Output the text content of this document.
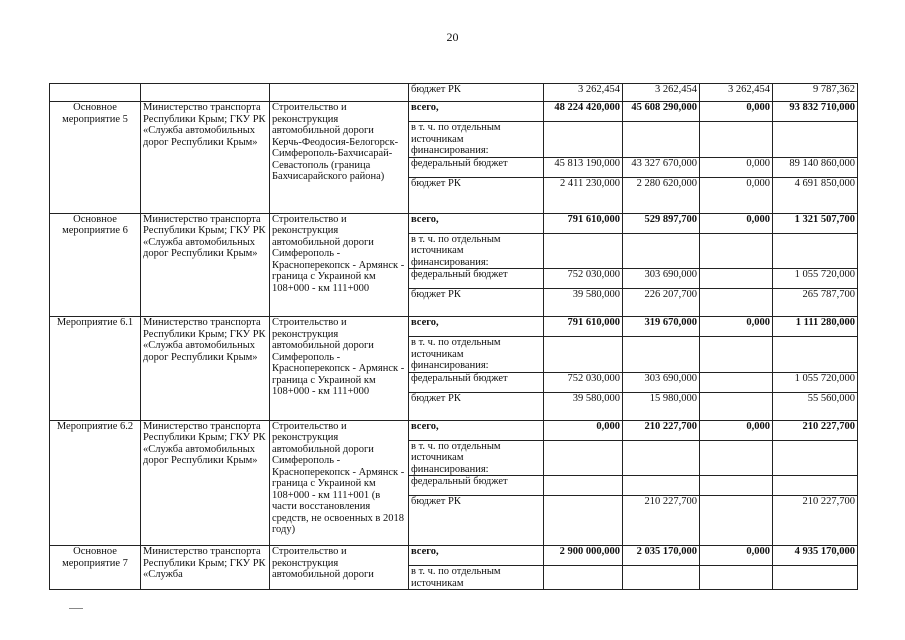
20
			бюджет РК	3 262,454	3 262,454	3 262,454	9 787,362
Основное мероприятие 5	Министерство транспорта Республики Крым; ГКУ РК «Служба автомобильных дорог Республики Крым»	Строительство и реконструкция автомобильной дороги Керчь-Феодосия-Белогорск-Симферополь-Бахчисарай-Севастополь (граница Бахчисарайского района)	всего,	48 224 420,000	45 608 290,000	0,000	93 832 710,000
			в т. ч. по отдельным источникам финансирования:				
			федеральный бюджет	45 813 190,000	43 327 670,000	0,000	89 140 860,000
			бюджет РК	2 411 230,000	2 280 620,000	0,000	4 691 850,000
Основное мероприятие 6	Министерство транспорта Республики Крым; ГКУ РК «Служба автомобильных дорог Республики Крым»	Строительство и реконструкция автомобильной дороги Симферополь - Красноперекопск - Армянск - граница с Украиной км 108+000 - км 111+000	всего,	791 610,000	529 897,700	0,000	1 321 507,700
			в т. ч. по отдельным источникам финансирования:				
			федеральный бюджет	752 030,000	303 690,000		1 055 720,000
			бюджет РК	39 580,000	226 207,700		265 787,700
Мероприятие 6.1	Министерство транспорта Республики Крым; ГКУ РК «Служба автомобильных дорог Республики Крым»	Строительство и реконструкция автомобильной дороги Симферополь - Красноперекопск - Армянск - граница с Украиной км 108+000 - км 111+000	всего,	791 610,000	319 670,000	0,000	1 111 280,000
			в т. ч. по отдельным источникам финансирования:				
			федеральный бюджет	752 030,000	303 690,000		1 055 720,000
			бюджет РК	39 580,000	15 980,000		55 560,000
Мероприятие 6.2	Министерство транспорта Республики Крым; ГКУ РК «Служба автомобильных дорог Республики Крым»	Строительство и реконструкция автомобильной дороги Симферополь - Красноперекопск - Армянск - граница с Украиной км 108+000 - км 111+001 (в части восстановления средств, не освоенных в 2018 году)	всего,	0,000	210 227,700	0,000	210 227,700
			в т. ч. по отдельным источникам финансирования:				
			федеральный бюджет				
			бюджет РК		210 227,700		210 227,700
Основное мероприятие 7	Министерство транспорта Республики Крым; ГКУ РК «Служба	Строительство и реконструкция автомобильной дороги	всего,	2 900 000,000	2 035 170,000	0,000	4 935 170,000
			в т. ч. по отдельным источникам				
